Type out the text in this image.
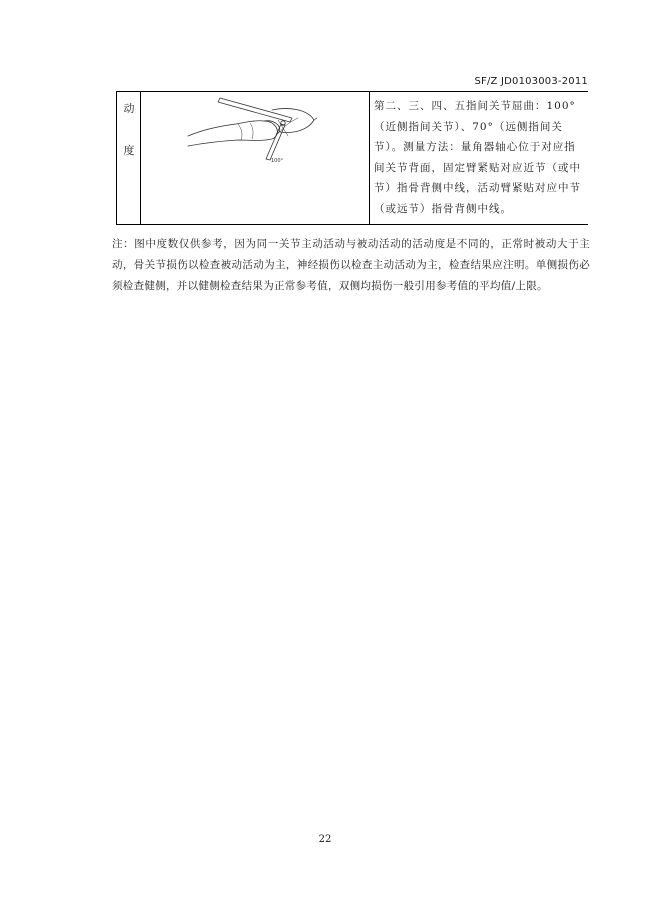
SF/Z JD0103003-2011
动
度
100°
第二、三、四、五指间关节屈曲：100°（近侧指间关节）、70°（远侧指间关节）。测量方法：量角器轴心位于对应指间关节背面，固定臂紧贴对应近节（或中节）指骨背侧中线，活动臂紧贴对应中节（或远节）指骨背侧中线。
注：图中度数仅供参考，因为同一关节主动活动与被动活动的活动度是不同的，正常时被动大于主动，骨关节损伤以检查被动活动为主，神经损伤以检查主动活动为主，检查结果应注明。单侧损伤必须检查健侧，并以健侧检查结果为正常参考值，双侧均损伤一般引用参考值的平均值/上限。
22
